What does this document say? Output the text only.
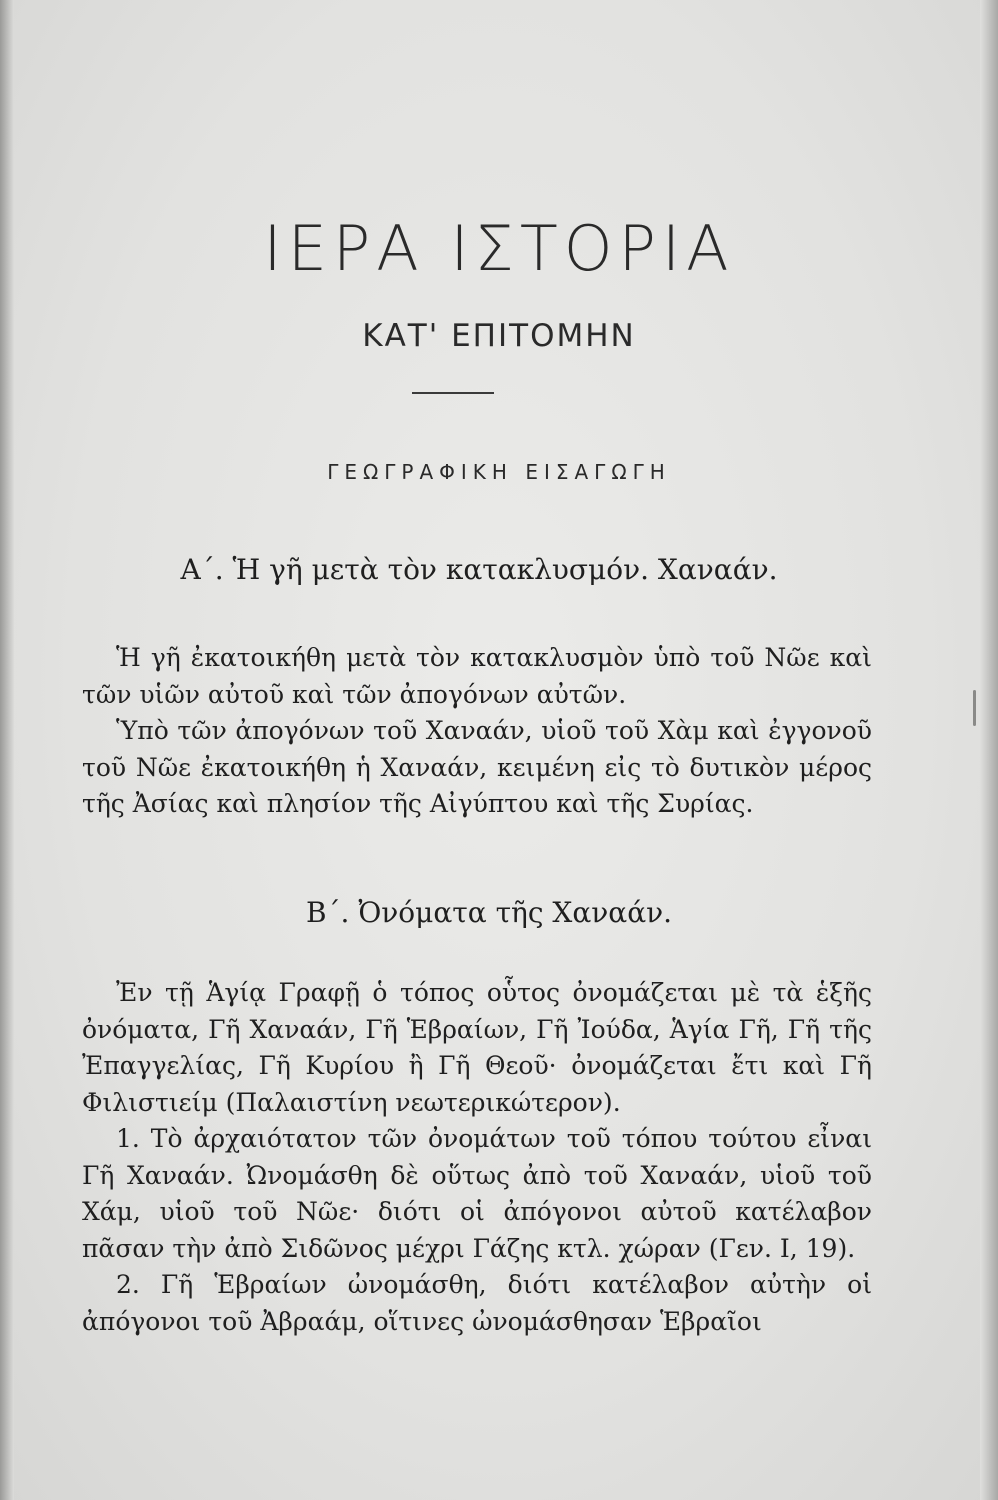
ΙΕΡΑ ΙΣΤΟΡΙΑ
ΚΑΤ' ΕΠΙΤΟΜΗΝ
ΓΕΩΓΡΑΦΙΚΗ ΕΙΣΑΓΩΓΗ
Α΄. Ἡ γῆ μετὰ τὸν κατακλυσμόν. Χαναάν.

Ἡ γῆ ἐκατοικήθη μετὰ τὸν κατακλυσμὸν ὑπὸ τοῦ Νῶε καὶ τῶν υἱῶν αὐτοῦ καὶ τῶν ἀπογόνων αὐτῶν.

Ὑπὸ τῶν ἀπογόνων τοῦ Χαναάν, υἱοῦ τοῦ Χὰμ καὶ ἐγγονοῦ τοῦ Νῶε ἐκατοικήθη ἡ Χαναάν, κειμένη εἰς τὸ δυτικὸν μέρος τῆς Ἀσίας καὶ πλησίον τῆς Αἰγύπτου καὶ τῆς Συρίας.

Β΄. Ὀνόματα τῆς Χαναάν.

Ἐν τῇ Ἁγίᾳ Γραφῇ ὁ τόπος οὗτος ὀνομάζεται μὲ τὰ ἑξῆς ὀνόματα, Γῆ Χαναάν, Γῆ Ἑβραίων, Γῆ Ἰούδα, Ἁγία Γῆ, Γῆ τῆς Ἐπαγγελίας, Γῆ Κυρίου ἢ Γῆ Θεοῦ· ὀνομάζεται ἔτι καὶ Γῆ Φιλιστιείμ (Παλαιστίνη νεωτερικώτερον).

1. Τὸ ἀρχαιότατον τῶν ὀνομάτων τοῦ τόπου τούτου εἶναι Γῆ Χαναάν. Ὠνομάσθη δὲ οὕτως ἀπὸ τοῦ Χαναάν, υἱοῦ τοῦ Χάμ, υἱοῦ τοῦ Νῶε· διότι οἱ ἀπόγονοι αὐτοῦ κατέλαβον πᾶσαν τὴν ἀπὸ Σιδῶνος μέχρι Γάζης κτλ. χώραν (Γεν. Ι, 19).

2. Γῆ Ἑβραίων ὠνομάσθη, διότι κατέλαβον αὐτὴν οἱ ἀπόγονοι τοῦ Ἀβραάμ, οἵτινες ὠνομάσθησαν Ἑβραῖοι
